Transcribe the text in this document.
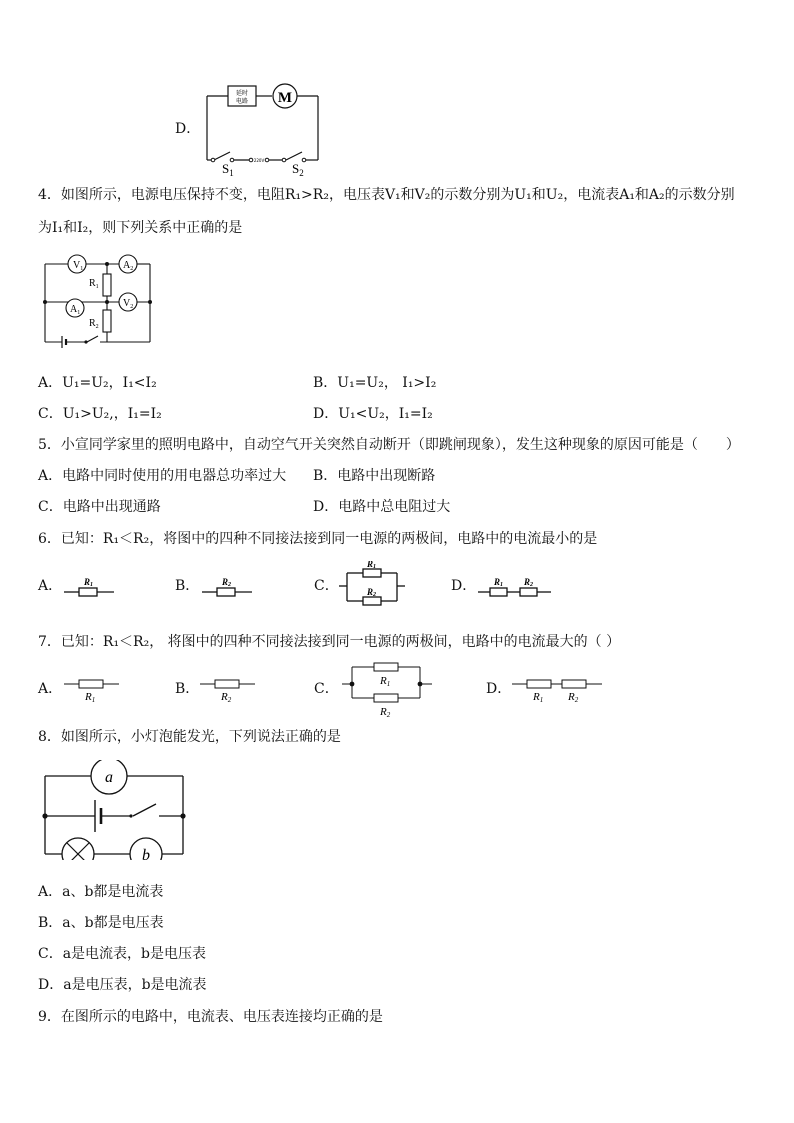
D．
延时
电路 M
220V
$S_1$	$S_2$
4．如图所示，电源电压保持不变，电阻R₁>R₂，电压表V₁和V₂的示数分别为U₁和U₂，电流表A₁和A₂的示数分别
为I₁和I₂，则下列关系中正确的是
$V_1$	$A_2$
$A_1$
$V_2$
$R_1$
$R_2$
A．U₁=U₂，I₁<I₂	B．U₁=U₂， I₁>I₂
C．U₁>U₂,，I₁=I₂	D．U₁<U₂，I₁=I₂
5．小宣同学家里的照明电路中，自动空气开关突然自动断开（即跳闸现象），发生这种现象的原因可能是（　　）
A．电路中同时使用的用电器总功率过大 B．电路中出现断路
C．电路中出现通路	D．电路中总电阻过大
6．已知：R₁＜R₂，将图中的四种不同接法接到同一电源的两极间，电路中的电流最小的是
A． R1	B．	R2	C．
R1
R2
D． R1 R2
7．已知：R₁＜R₂， 将图中的四种不同接法接到同一电源的两极间，电路中的电流最大的（ ）
A． R1
B． R2
C．	R1
R2
D． R1 R2
8．如图所示，小灯泡能发光，下列说法正确的是
a
b
A．a、b都是电流表
B．a、b都是电压表
C．a是电流表，b是电压表
D．a是电压表，b是电流表
9．在图所示的电路中，电流表、电压表连接均正确的是
